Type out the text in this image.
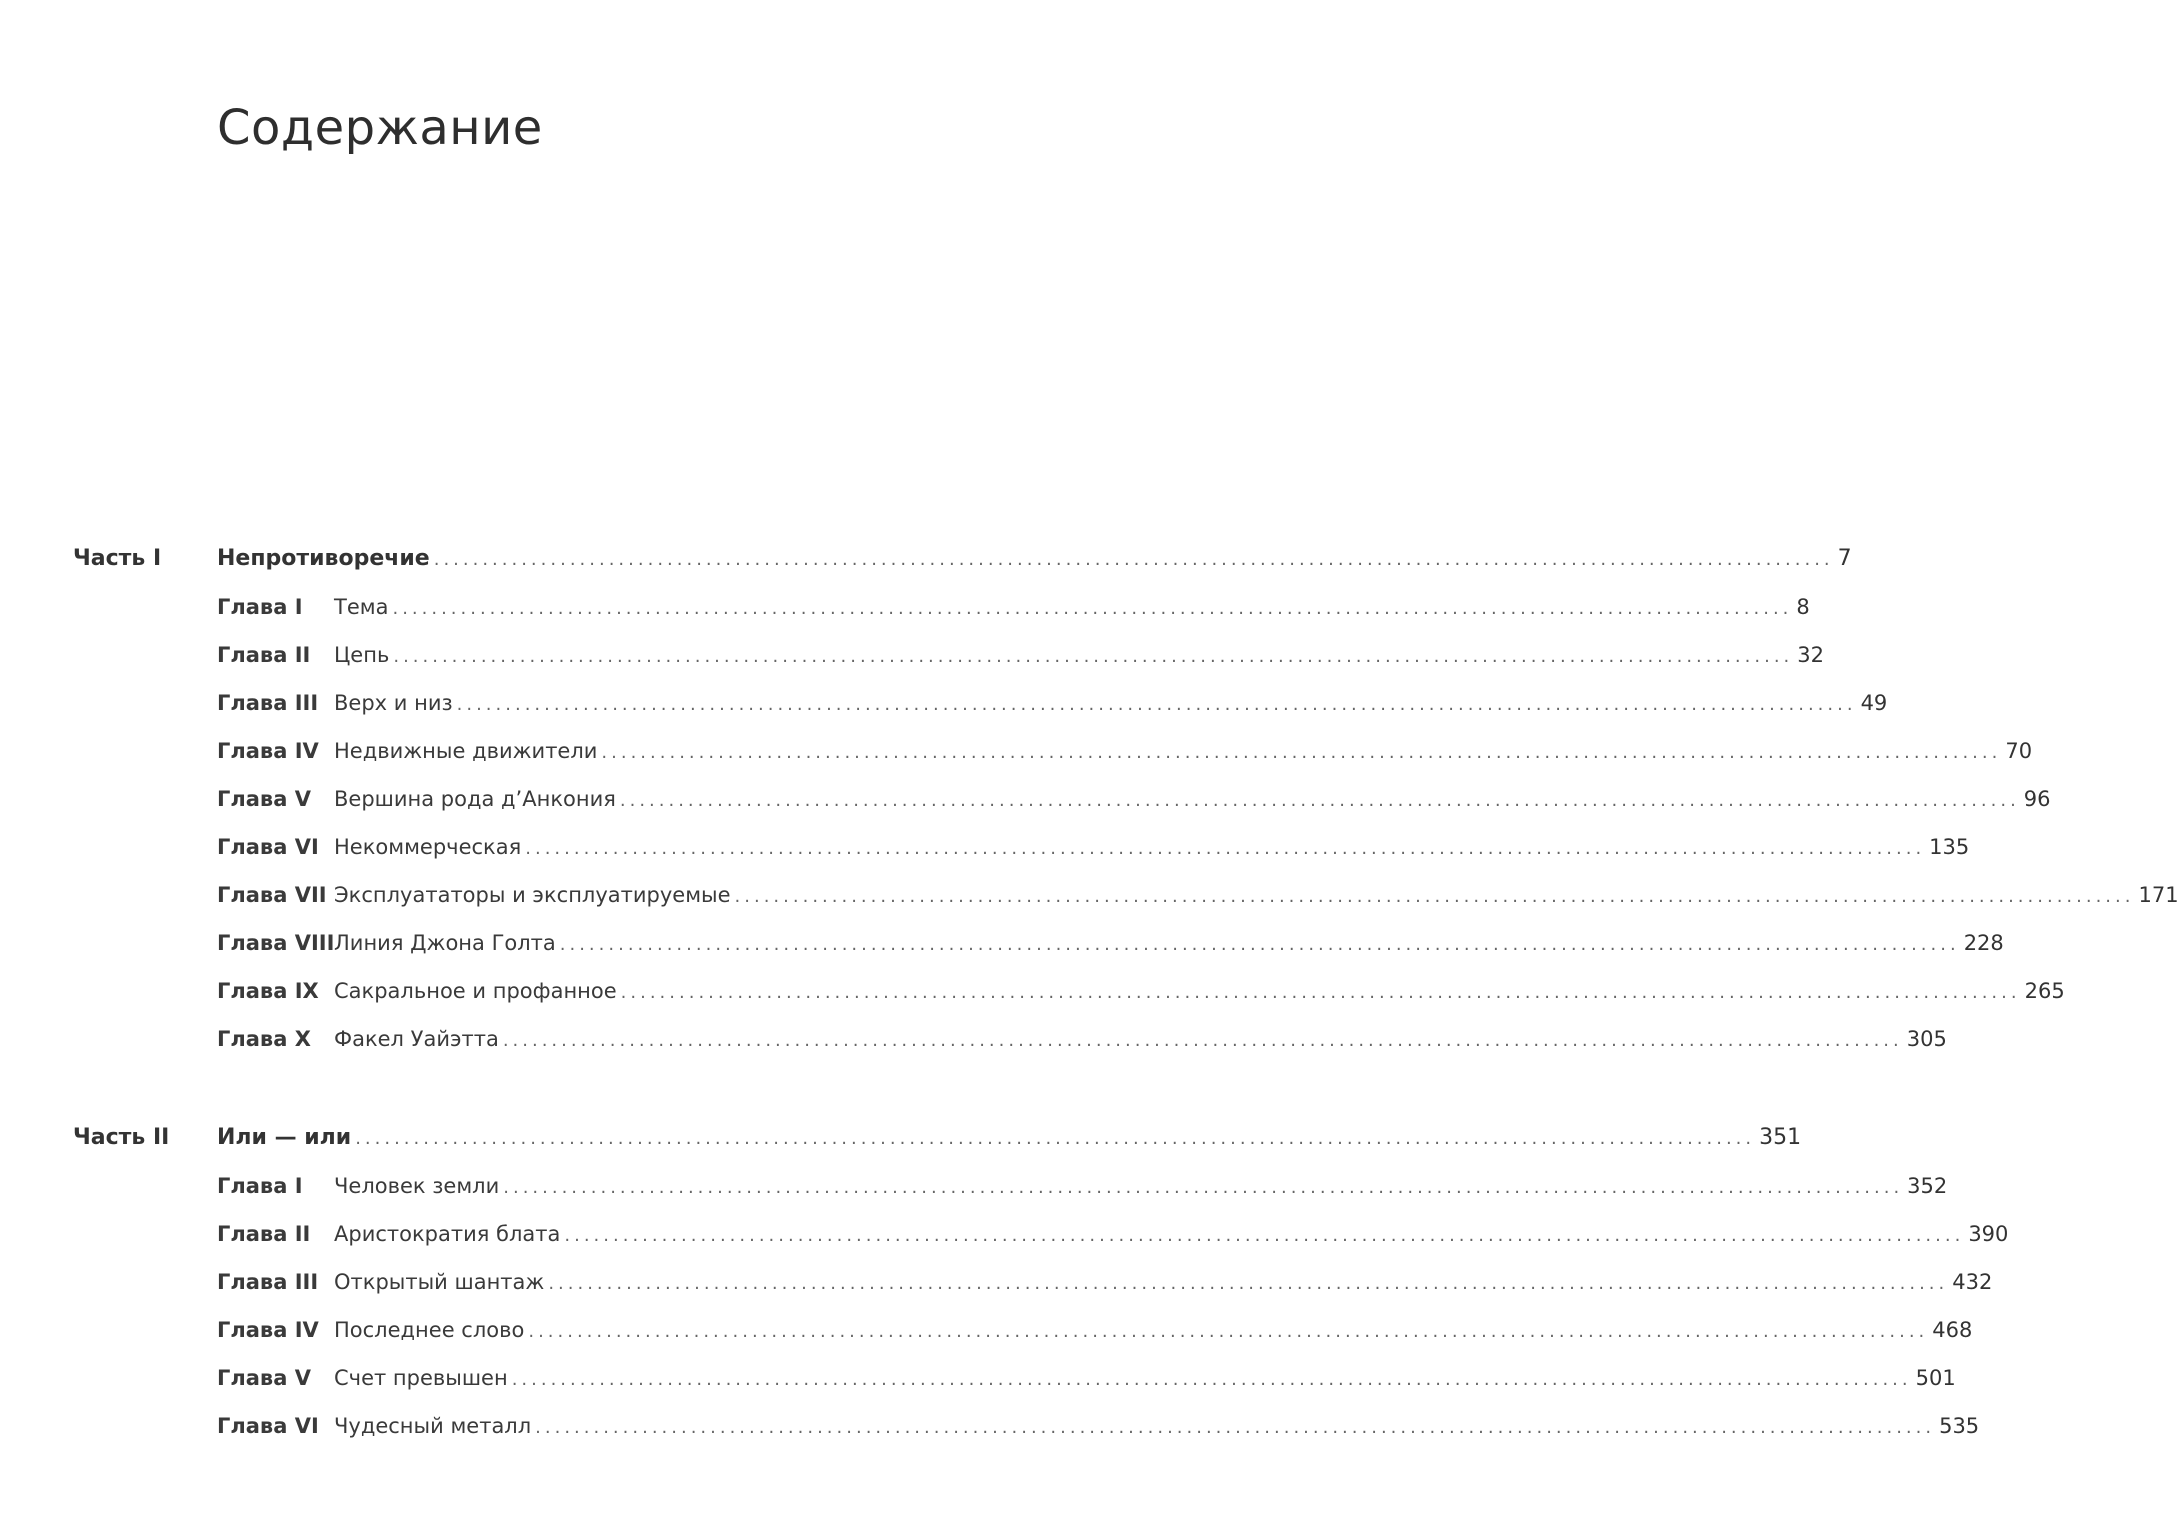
Содержание
Часть I	Непротиворечие ................................................................................................................................................ 7
Глава I Тема ................................................................................................................................................ 8
Глава II Цепь ................................................................................................................................................ 32
Глава III Верх и низ ................................................................................................................................................ 49
Глава IV Недвижные движители ................................................................................................................................................ 70
Глава V Вершина рода д’Анкония ................................................................................................................................................ 96
Глава VI Некоммерческая ................................................................................................................................................ 135
Глава VII Эксплуататоры и эксплуатируемые ................................................................................................................................................ 171
Глава VIII Линия Джона Голта ................................................................................................................................................ 228
Глава IX Сакральное и профанное ................................................................................................................................................ 265
Глава X Факел Уайэтта ................................................................................................................................................ 305
Часть II Или — или ................................................................................................................................................ 351
Глава I Человек земли ................................................................................................................................................ 352
Глава II Аристократия блата ................................................................................................................................................ 390
Глава III Открытый шантаж ................................................................................................................................................ 432
Глава IV Последнее слово ................................................................................................................................................ 468
Глава V Счет превышен ................................................................................................................................................ 501
Глава VI Чудесный металл ................................................................................................................................................ 535
